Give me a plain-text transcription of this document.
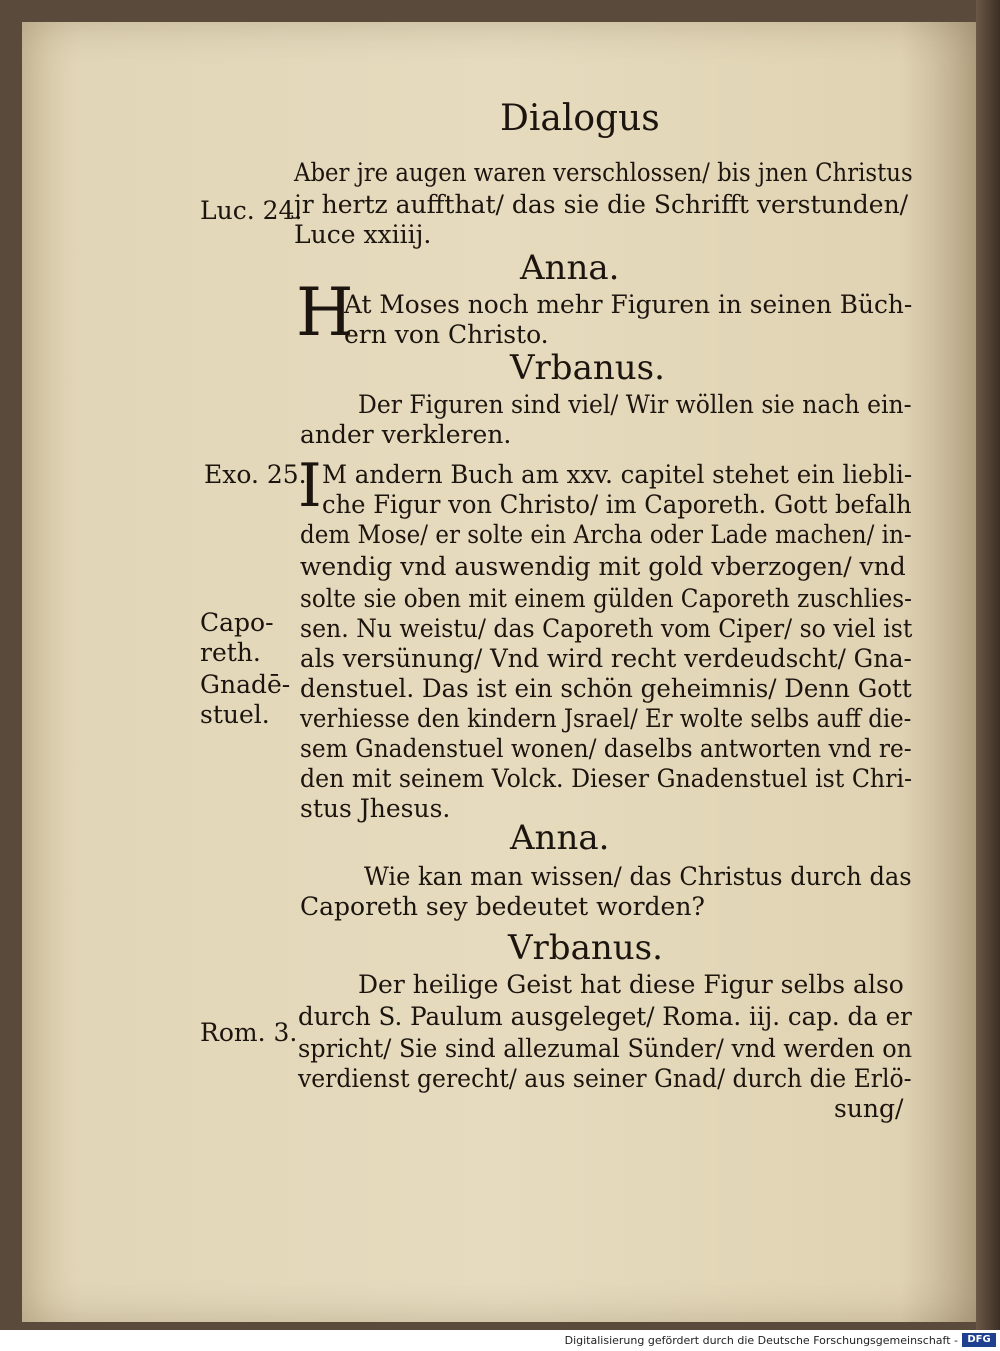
Dialogus
Aber jre augen waren verschlossen/ bis jnen Christus
jr hertz auffthat/ das sie die Schrifft verstunden/
Luce xxiiij.
Luc. 24.
Anna.
H
At Moses noch mehr Figuren in seinen Büch-
ern von Christo.
Vrbanus.
Der Figuren sind viel/ Wir wöllen sie nach ein-
ander verkleren.
Exo. 25.
I M andern Buch am xxv. capitel stehet ein liebli-
che Figur von Christo/ im Caporeth. Gott befalh
dem Mose/ er solte ein Archa oder Lade machen/ in-
wendig vnd auswendig mit gold vberzogen/ vnd
solte sie oben mit einem gülden Caporeth zuschlies-
sen. Nu weistu/ das Caporeth vom Ciper/ so viel ist
als versünung/ Vnd wird recht verdeudscht/ Gna-
denstuel. Das ist ein schön geheimnis/ Denn Gott
verhiesse den kindern Jsrael/ Er wolte selbs auff die-
sem Gnadenstuel wonen/ daselbs antworten vnd re-
den mit seinem Volck. Dieser Gnadenstuel ist Chri-
stus Jhesus.
Capo-
reth.
Gnadē-
stuel.
Anna.
Wie kan man wissen/ das Christus durch das
Caporeth sey bedeutet worden?
Vrbanus.
Der heilige Geist hat diese Figur selbs also
durch S. Paulum ausgeleget/ Roma. iij. cap. da er
spricht/ Sie sind allezumal Sünder/ vnd werden on
verdienst gerecht/ aus seiner Gnad/ durch die Erlö-
Rom. 3.
sung/
Digitalisierung gefördert durch die Deutsche Forschungsgemeinschaft - DFG
